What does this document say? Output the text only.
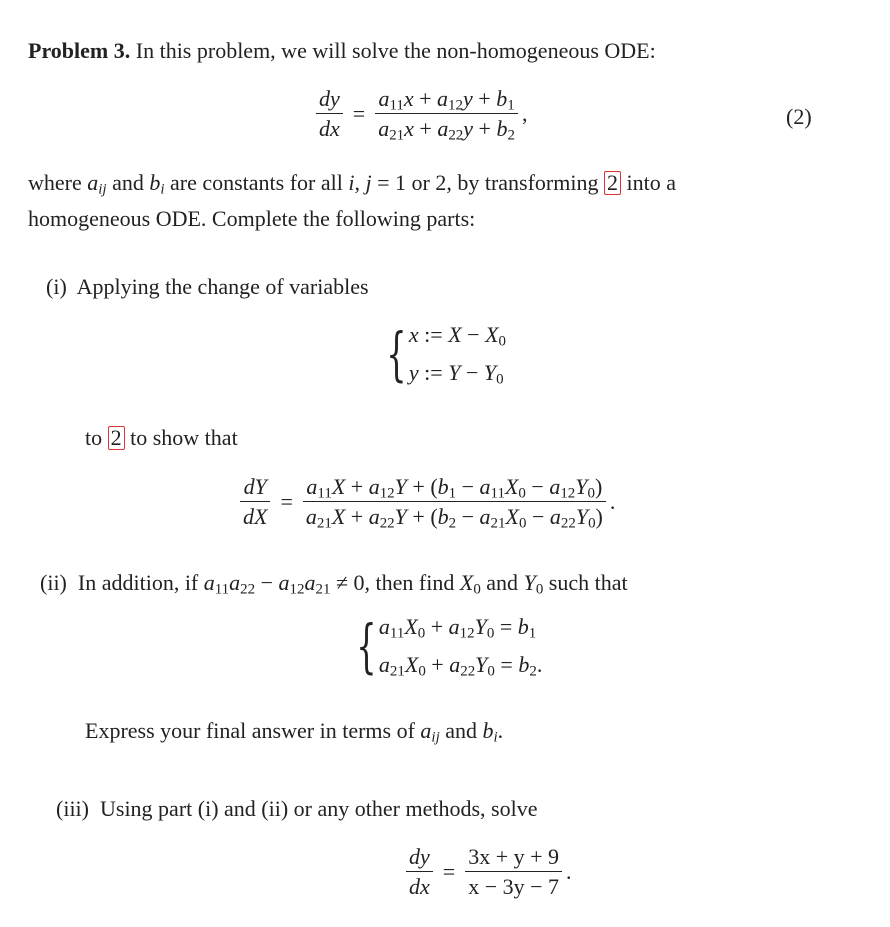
Problem 3. In this problem, we will solve the non-homogeneous ODE:
$\frac{dy}{dx} = \frac{a_{11}x + a_{12}y + b_1}{a_{21}x + a_{22}y + b_2}$ ,	(2)
where $a_{ij}$ and $b_i$ are constants for all i, j = 1 or 2, by transforming 2 into a
homogeneous ODE. Complete the following parts:
(i) Applying the change of variables
{ x := $X - X_0$
y := $Y - Y_0$
to 2 to show that
$\frac{dY}{dX} = \frac{a_{11}X + a_{12}Y + (b_1 - a_{11}X_0 - a_{12}Y_0)}{a_{21}X + a_{22}Y + (b_2 - a_{21}X_0 - a_{22}Y_0)}$ .
(ii) In addition, if $a_{11}a_{22} - a_{12}a_{21} \ne 0$, then find $X_0$ and $Y_0$ such that
{ $a_{11}X_0 + a_{12}Y_0 = b_1$
$a_{21}X_0 + a_{22}Y_0 = b_2$.
Express your final answer in terms of $a_{ij}$ and $b_i$.
(iii) Using part (i) and (ii) or any other methods, solve
$\frac{dy}{dx} = \frac{3x + y + 9}{x - 3y - 7}$ .
